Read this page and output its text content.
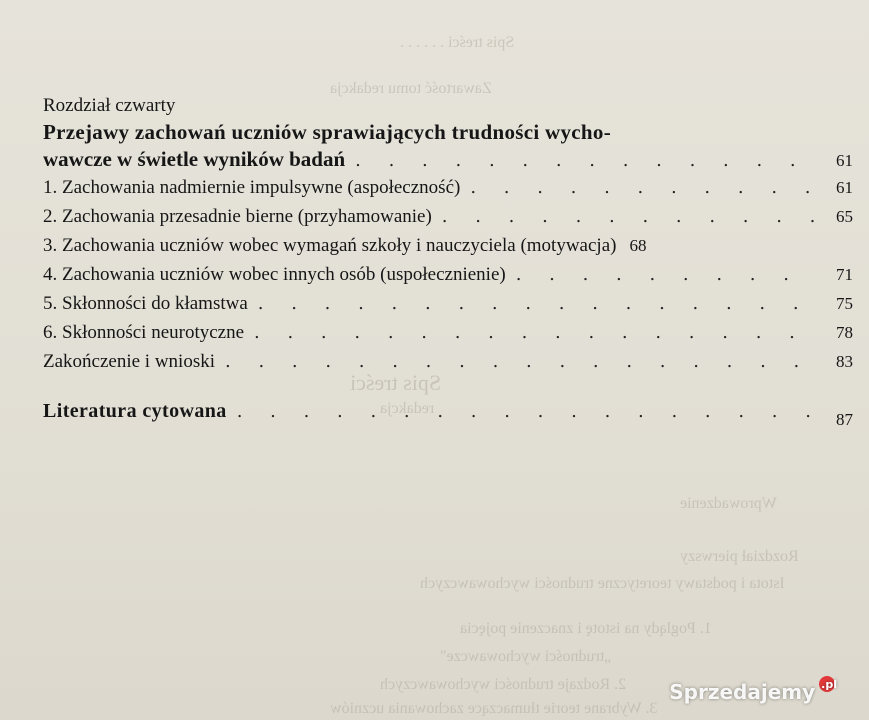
Spis treści . . . . . .
Zawartość tomu redakcja
Spis treści
redakcja
Wprowadzenie
Rozdział pierwszy
Istota i podstawy teoretyczne trudności wychowawczych
1. Poglądy na istotę i znaczenie pojęcia
„trudności wychowawcze"
2. Rodzaje trudności wychowawczych
3. Wybrane teorie tłumaczące zachowania uczniów
Rozdział czwarty
Przejawy zachowań uczniów sprawiających trudności wycho-
wawcze w świetle wyników badań . . .	61
1. Zachowania nadmiernie impulsywne (aspołeczność) . . .	61
2. Zachowania przesadnie bierne (przyhamowanie) . . .	65
3. Zachowania uczniów wobec wymagań szkoły i nauczyciela (motywacja) 68
4. Zachowania uczniów wobec innych osób (uspołecznienie) . . .	71
5. Skłonności do kłamstwa . . .	75
6. Skłonności neurotyczne . . .	78
Zakończenie i wnioski . . .	83
Literatura cytowana . . .	87
Sprzedajemy .pl
